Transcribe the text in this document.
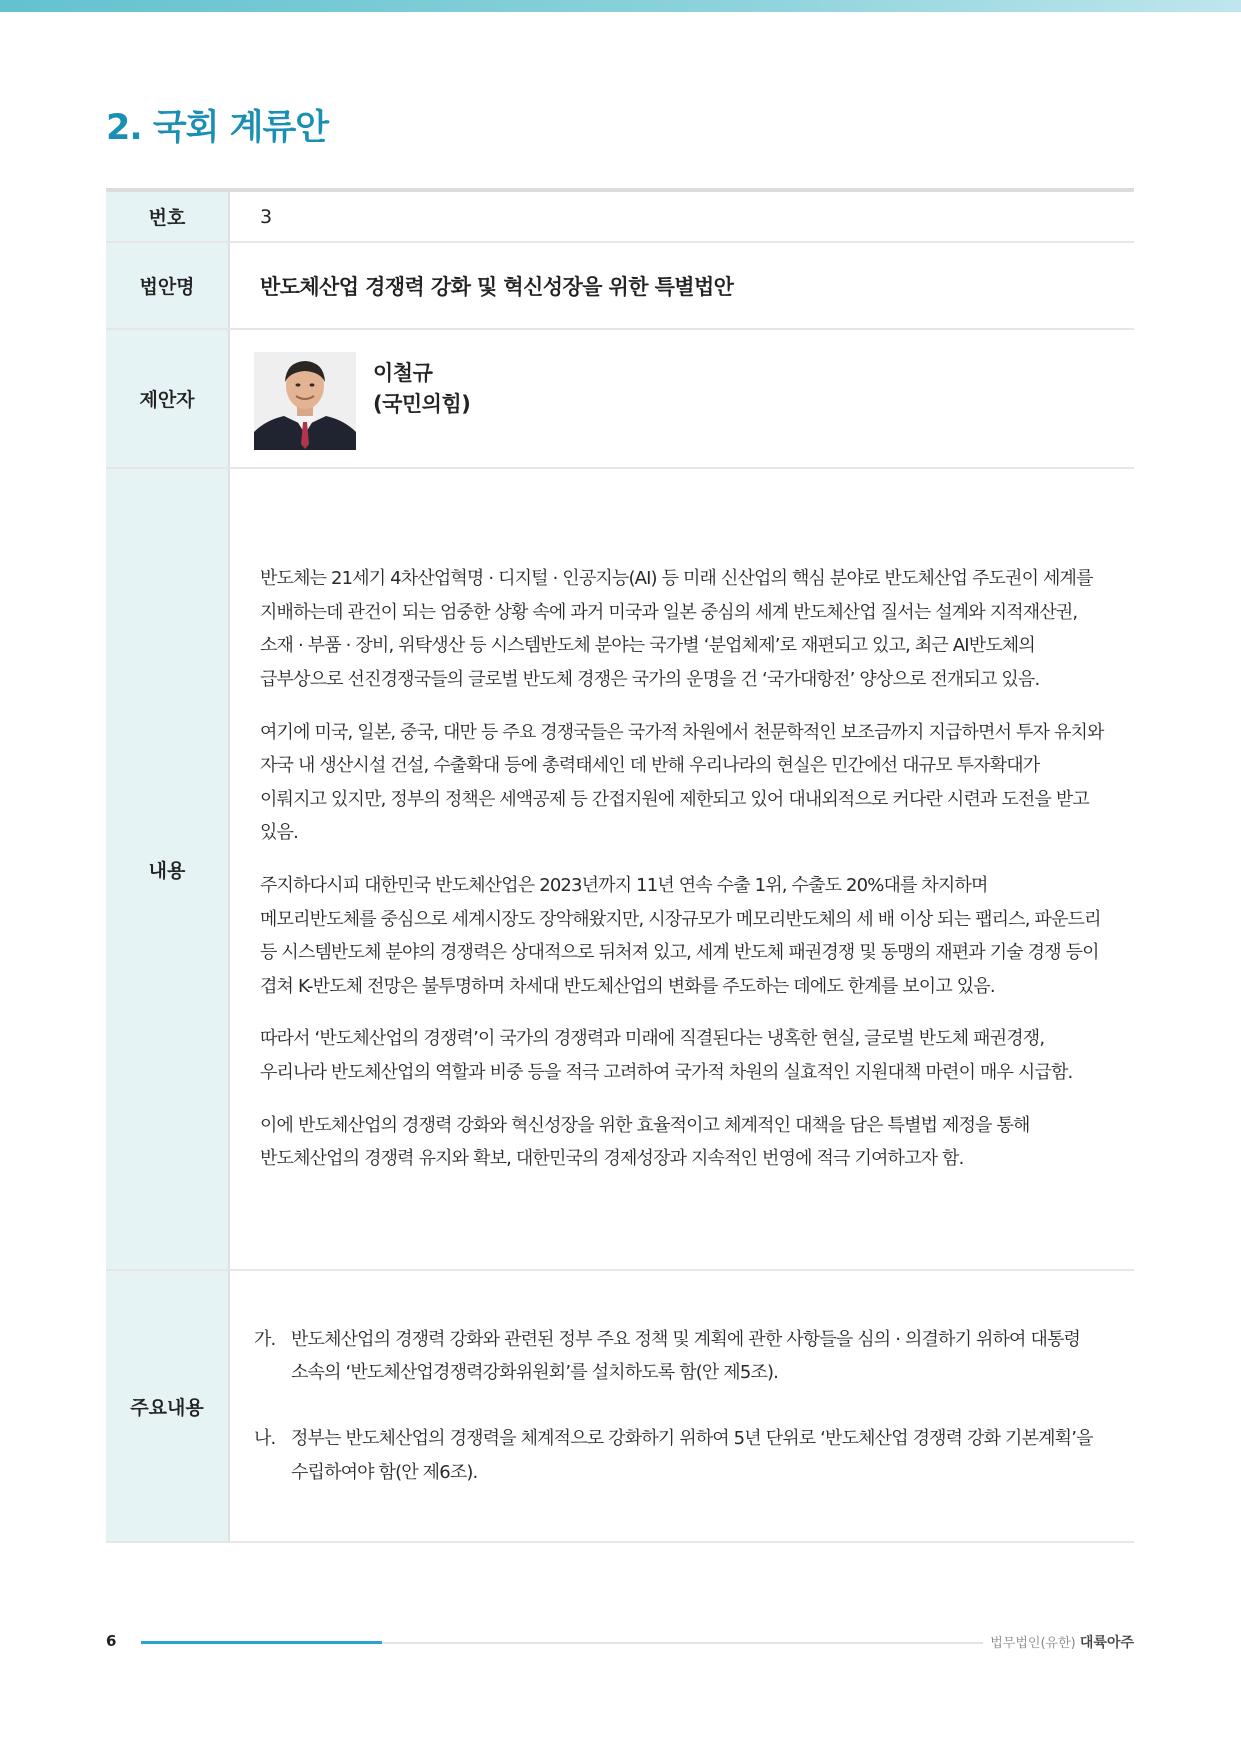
2. 국회 계류안
번호	3
법안명	반도체산업 경쟁력 강화 및 혁신성장을 위한 특별법안
제안자	이철규
(국민의힘)

내용	반도체는 21세기 4차산업혁명 · 디지털 · 인공지능(AI) 등 미래 신산업의 핵심 분야로 반도체산업 주도권이 세계를 지배하는데 관건이 되는 엄중한 상황 속에 과거 미국과 일본 중심의 세계 반도체산업 질서는 설계와 지적재산권, 소재 · 부품 · 장비, 위탁생산 등 시스템반도체 분야는 국가별 ‘분업체제’로 재편되고 있고, 최근 AI반도체의 급부상으로 선진경쟁국들의 글로벌 반도체 경쟁은 국가의 운명을 건 ‘국가대항전’ 양상으로 전개되고 있음.

여기에 미국, 일본, 중국, 대만 등 주요 경쟁국들은 국가적 차원에서 천문학적인 보조금까지 지급하면서 투자 유치와 자국 내 생산시설 건설, 수출확대 등에 총력태세인 데 반해 우리나라의 현실은 민간에선 대규모 투자확대가 이뤄지고 있지만, 정부의 정책은 세액공제 등 간접지원에 제한되고 있어 대내외적으로 커다란 시련과 도전을 받고 있음.

주지하다시피 대한민국 반도체산업은 2023년까지 11년 연속 수출 1위, 수출도 20%대를 차지하며 메모리반도체를 중심으로 세계시장도 장악해왔지만, 시장규모가 메모리반도체의 세 배 이상 되는 팹리스, 파운드리 등 시스템반도체 분야의 경쟁력은 상대적으로 뒤처져 있고, 세계 반도체 패권경쟁 및 동맹의 재편과 기술 경쟁 등이 겹쳐 K-반도체 전망은 불투명하며 차세대 반도체산업의 변화를 주도하는 데에도 한계를 보이고 있음.

따라서 ‘반도체산업의 경쟁력’이 국가의 경쟁력과 미래에 직결된다는 냉혹한 현실, 글로벌 반도체 패권경쟁, 우리나라 반도체산업의 역할과 비중 등을 적극 고려하여 국가적 차원의 실효적인 지원대책 마련이 매우 시급함.

이에 반도체산업의 경쟁력 강화와 혁신성장을 위한 효율적이고 체계적인 대책을 담은 특별법 제정을 통해 반도체산업의 경쟁력 유지와 확보, 대한민국의 경제성장과 지속적인 번영에 적극 기여하고자 함.

주요내용	가. 반도체산업의 경쟁력 강화와 관련된 정부 주요 정책 및 계획에 관한 사항들을 심의 · 의결하기 위하여 대통령 소속의 ‘반도체산업경쟁력강화위원회’를 설치하도록 함(안 제5조).
나. 정부는 반도체산업의 경쟁력을 체계적으로 강화하기 위하여 5년 단위로 ‘반도체산업 경쟁력 강화 기본계획’을 수립하여야 함(안 제6조).
6	법무법인(유한) 대륙아주
